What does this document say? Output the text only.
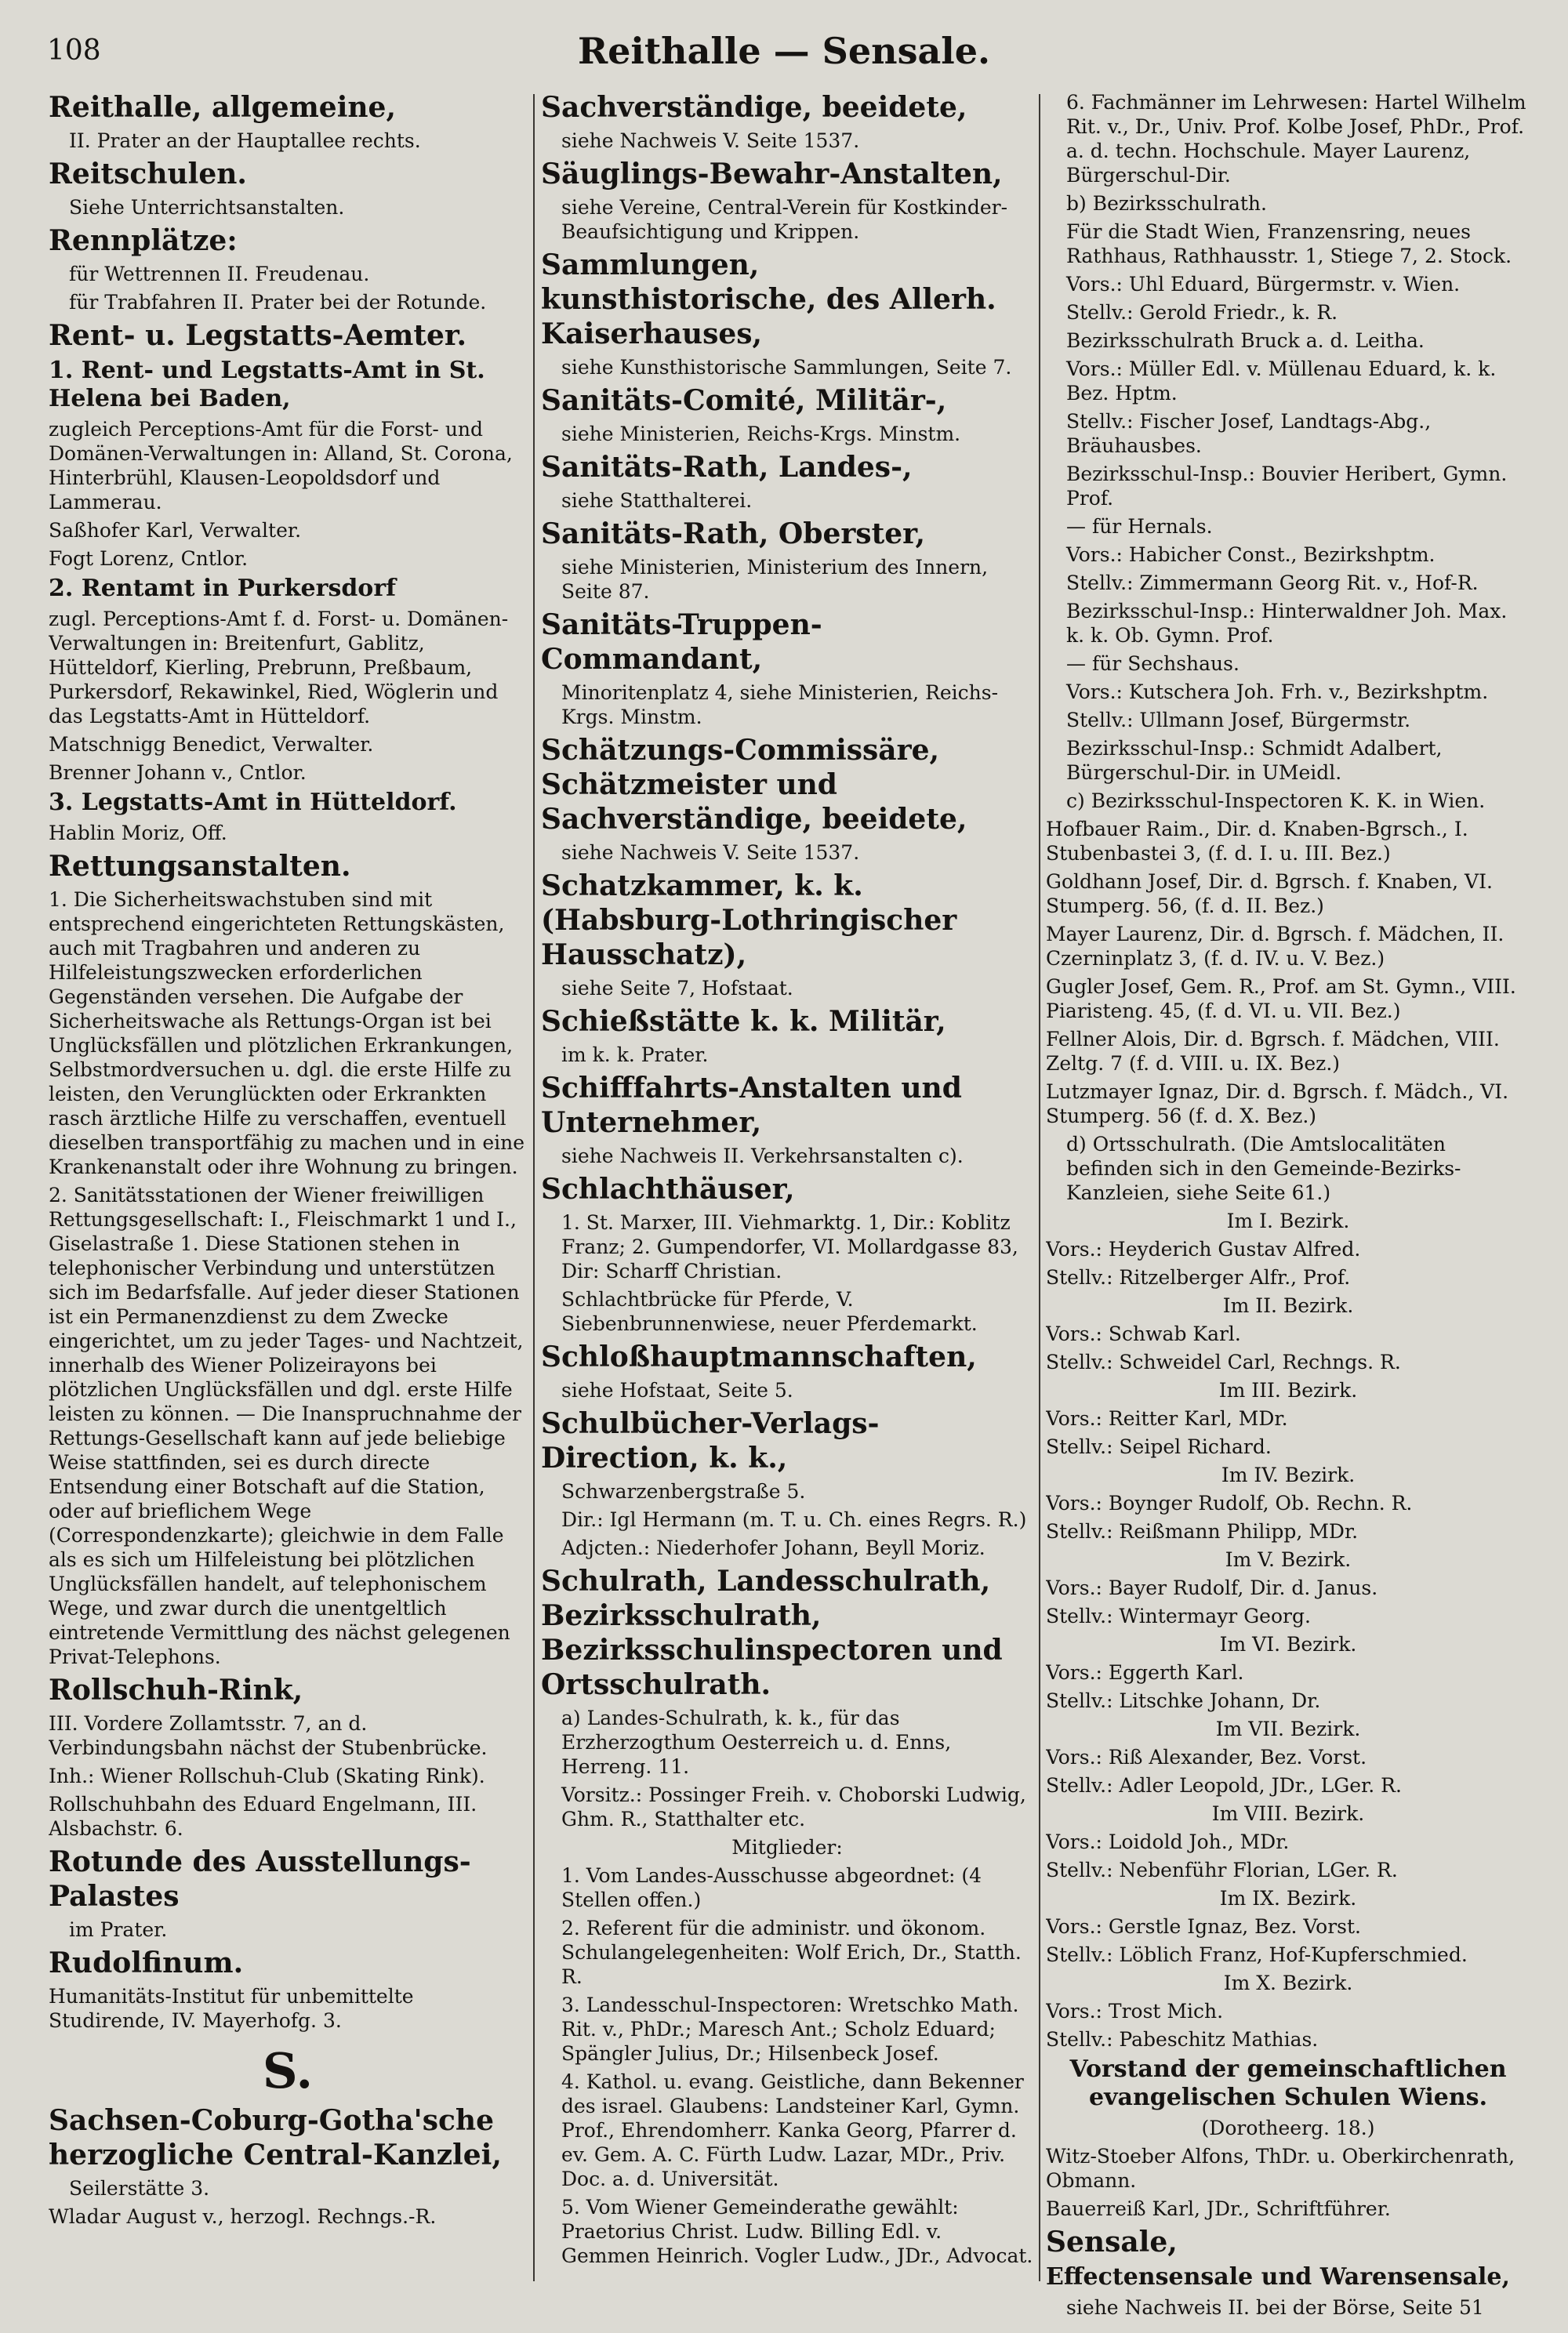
108	Reithalle — Sensale.
Reithalle, allgemeine,
II. Prater an der Hauptallee rechts.
Reitschulen.
Siehe Unterrichtsanstalten.
Rennplätze:
für Wettrennen II. Freudenau.
für Trabfahren II. Prater bei der Rotunde.
Rent- u. Legstatts-Aemter.
1. Rent- und Legstatts-Amt in St. Helena bei Baden,
zugleich Perceptions-Amt für die Forst- und Domänen-Verwaltungen in: Alland, St. Corona, Hinterbrühl, Klausen-Leopoldsdorf und Lammerau.
Saßhofer Karl, Verwalter.
Fogt Lorenz, Cntlor.
2. Rentamt in Purkersdorf
zugl. Perceptions-Amt f. d. Forst- u. Domänen-Verwaltungen in: Breitenfurt, Gablitz, Hütteldorf, Kierling, Prebrunn, Preßbaum, Purkersdorf, Rekawinkel, Ried, Wöglerin und das Legstatts-Amt in Hütteldorf.
Matschnigg Benedict, Verwalter.
Brenner Johann v., Cntlor.
3. Legstatts-Amt in Hütteldorf.
Hablin Moriz, Off.
Rettungsanstalten.
1. Die Sicherheitswachstuben sind mit entsprechend eingerichteten Rettungskästen, auch mit Tragbahren und anderen zu Hilfeleistungszwecken erforderlichen Gegenständen versehen. Die Aufgabe der Sicherheitswache als Rettungs-Organ ist bei Unglücksfällen und plötzlichen Erkrankungen, Selbstmordversuchen u. dgl. die erste Hilfe zu leisten, den Verunglückten oder Erkrankten rasch ärztliche Hilfe zu verschaffen, eventuell dieselben transportfähig zu machen und in eine Krankenanstalt oder ihre Wohnung zu bringen.
2. Sanitätsstationen der Wiener freiwilligen Rettungsgesellschaft: I., Fleischmarkt 1 und I., Giselastraße 1. Diese Stationen stehen in telephonischer Verbindung und unterstützen sich im Bedarfsfalle. Auf jeder dieser Stationen ist ein Permanenzdienst zu dem Zwecke eingerichtet, um zu jeder Tages- und Nachtzeit, innerhalb des Wiener Polizeirayons bei plötzlichen Unglücksfällen und dgl. erste Hilfe leisten zu können. — Die Inanspruchnahme der Rettungs-Gesellschaft kann auf jede beliebige Weise stattfinden, sei es durch directe Entsendung einer Botschaft auf die Station, oder auf brieflichem Wege (Correspondenzkarte); gleichwie in dem Falle als es sich um Hilfeleistung bei plötzlichen Unglücksfällen handelt, auf telephonischem Wege, und zwar durch die unentgeltlich eintretende Vermittlung des nächst gelegenen Privat-Telephons.
Rollschuh-Rink,
III. Vordere Zollamtsstr. 7, an d. Verbindungsbahn nächst der Stubenbrücke.
Inh.: Wiener Rollschuh-Club (Skating Rink).
Rollschuhbahn des Eduard Engelmann, III. Alsbachstr. 6.
Rotunde des Ausstellungs-Palastes
im Prater.
Rudolfinum.
Humanitäts-Institut für unbemittelte Studirende, IV. Mayerhofg. 3.
S.
Sachsen-Coburg-Gotha'sche herzogliche Central-Kanzlei,
Seilerstätte 3.
Wladar August v., herzogl. Rechngs.-R.
Sachverständige, beeidete,
siehe Nachweis V. Seite 1537.
Säuglings-Bewahr-Anstalten,
siehe Vereine, Central-Verein für Kostkinder-Beaufsichtigung und Krippen.
Sammlungen, kunsthistorische, des Allerh. Kaiserhauses,
siehe Kunsthistorische Sammlungen, Seite 7.
Sanitäts-Comité, Militär-,
siehe Ministerien, Reichs-Krgs. Minstm.
Sanitäts-Rath, Landes-,
siehe Statthalterei.
Sanitäts-Rath, Oberster,
siehe Ministerien, Ministerium des Innern, Seite 87.
Sanitäts-Truppen-Commandant,
Minoritenplatz 4, siehe Ministerien, Reichs-Krgs. Minstm.
Schätzungs-Commissäre, Schätzmeister und Sachverständige, beeidete,
siehe Nachweis V. Seite 1537.
Schatzkammer, k. k. (Habsburg-Lothringischer Hausschatz),
siehe Seite 7, Hofstaat.
Schießstätte k. k. Militär,
im k. k. Prater.
Schifffahrts-Anstalten und Unternehmer,
siehe Nachweis II. Verkehrsanstalten c).
Schlachthäuser,
1. St. Marxer, III. Viehmarktg. 1, Dir.: Koblitz Franz; 2. Gumpendorfer, VI. Mollardgasse 83, Dir: Scharff Christian.
Schlachtbrücke für Pferde, V. Siebenbrunnenwiese, neuer Pferdemarkt.
Schloßhauptmannschaften,
siehe Hofstaat, Seite 5.
Schulbücher-Verlags-Direction, k. k.,
Schwarzenbergstraße 5.
Dir.: Igl Hermann (m. T. u. Ch. eines Regrs. R.)
Adjcten.: Niederhofer Johann, Beyll Moriz.
Schulrath, Landesschulrath, Bezirksschulrath, Bezirksschulinspectoren und Ortsschulrath.
a) Landes-Schulrath, k. k., für das Erzherzogthum Oesterreich u. d. Enns, Herreng. 11.
Vorsitz.: Possinger Freih. v. Choborski Ludwig, Ghm. R., Statthalter etc.
Mitglieder:
1. Vom Landes-Ausschusse abgeordnet: (4 Stellen offen.)
2. Referent für die administr. und ökonom. Schulangelegenheiten: Wolf Erich, Dr., Statth. R.
3. Landesschul-Inspectoren: Wretschko Math. Rit. v., PhDr.; Maresch Ant.; Scholz Eduard; Spängler Julius, Dr.; Hilsenbeck Josef.
4. Kathol. u. evang. Geistliche, dann Bekenner des israel. Glaubens: Landsteiner Karl, Gymn. Prof., Ehrendomherr. Kanka Georg, Pfarrer d. ev. Gem. A. C. Fürth Ludw. Lazar, MDr., Priv. Doc. a. d. Universität.
5. Vom Wiener Gemeinderathe gewählt: Praetorius Christ. Ludw. Billing Edl. v. Gemmen Heinrich. Vogler Ludw., JDr., Advocat.
6. Fachmänner im Lehrwesen: Hartel Wilhelm Rit. v., Dr., Univ. Prof. Kolbe Josef, PhDr., Prof. a. d. techn. Hochschule. Mayer Laurenz, Bürgerschul-Dir.
b) Bezirksschulrath.
Für die Stadt Wien, Franzensring, neues Rathhaus, Rathhausstr. 1, Stiege 7, 2. Stock.
Vors.: Uhl Eduard, Bürgermstr. v. Wien.
Stellv.: Gerold Friedr., k. R.
Bezirksschulrath Bruck a. d. Leitha.
Vors.: Müller Edl. v. Müllenau Eduard, k. k. Bez. Hptm.
Stellv.: Fischer Josef, Landtags-Abg., Bräuhausbes.
Bezirksschul-Insp.: Bouvier Heribert, Gymn. Prof.
— für Hernals.
Vors.: Habicher Const., Bezirkshptm.
Stellv.: Zimmermann Georg Rit. v., Hof-R.
Bezirksschul-Insp.: Hinterwaldner Joh. Max. k. k. Ob. Gymn. Prof.
— für Sechshaus.
Vors.: Kutschera Joh. Frh. v., Bezirkshptm.
Stellv.: Ullmann Josef, Bürgermstr.
Bezirksschul-Insp.: Schmidt Adalbert, Bürgerschul-Dir. in UMeidl.
c) Bezirksschul-Inspectoren K. K. in Wien.
Hofbauer Raim., Dir. d. Knaben-Bgrsch., I. Stubenbastei 3, (f. d. I. u. III. Bez.)
Goldhann Josef, Dir. d. Bgrsch. f. Knaben, VI. Stumperg. 56, (f. d. II. Bez.)
Mayer Laurenz, Dir. d. Bgrsch. f. Mädchen, II. Czerninplatz 3, (f. d. IV. u. V. Bez.)
Gugler Josef, Gem. R., Prof. am St. Gymn., VIII. Piaristeng. 45, (f. d. VI. u. VII. Bez.)
Fellner Alois, Dir. d. Bgrsch. f. Mädchen, VIII. Zeltg. 7 (f. d. VIII. u. IX. Bez.)
Lutzmayer Ignaz, Dir. d. Bgrsch. f. Mädch., VI. Stumperg. 56 (f. d. X. Bez.)
d) Ortsschulrath. (Die Amtslocalitäten befinden sich in den Gemeinde-Bezirks-Kanzleien, siehe Seite 61.)
Im I. Bezirk.
Vors.: Heyderich Gustav Alfred.
Stellv.: Ritzelberger Alfr., Prof.
Im II. Bezirk.
Vors.: Schwab Karl.
Stellv.: Schweidel Carl, Rechngs. R.
Im III. Bezirk.
Vors.: Reitter Karl, MDr.
Stellv.: Seipel Richard.
Im IV. Bezirk.
Vors.: Boynger Rudolf, Ob. Rechn. R.
Stellv.: Reißmann Philipp, MDr.
Im V. Bezirk.
Vors.: Bayer Rudolf, Dir. d. Janus.
Stellv.: Wintermayr Georg.
Im VI. Bezirk.
Vors.: Eggerth Karl.
Stellv.: Litschke Johann, Dr.
Im VII. Bezirk.
Vors.: Riß Alexander, Bez. Vorst.
Stellv.: Adler Leopold, JDr., LGer. R.
Im VIII. Bezirk.
Vors.: Loidold Joh., MDr.
Stellv.: Nebenführ Florian, LGer. R.
Im IX. Bezirk.
Vors.: Gerstle Ignaz, Bez. Vorst.
Stellv.: Löblich Franz, Hof-Kupferschmied.
Im X. Bezirk.
Vors.: Trost Mich.
Stellv.: Pabeschitz Mathias.
Vorstand der gemeinschaftlichen evangelischen Schulen Wiens.
(Dorotheerg. 18.)
Witz-Stoeber Alfons, ThDr. u. Oberkirchenrath, Obmann.
Bauerreiß Karl, JDr., Schriftführer.
Sensale,
Effectensensale und Warensensale,
siehe Nachweis II. bei der Börse, Seite 51
